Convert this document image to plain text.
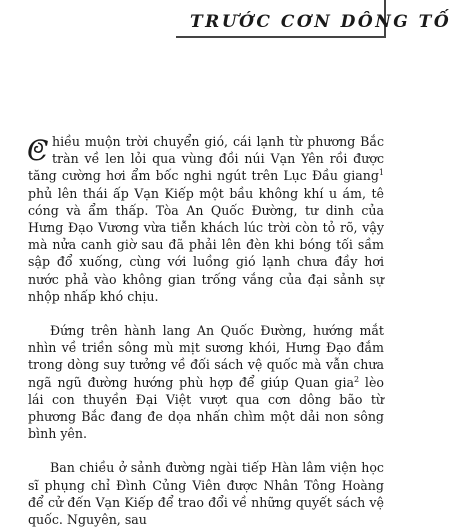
TRƯỚC CƠN DÔNG TỐ

C hiều muộn trời chuyển gió, cái lạnh từ phương Bắc tràn về len lỏi qua vùng đồi núi Vạn Yên rồi được tăng cường hơi ẩm bốc nghi ngút trên Lục Đầu giang$^1$ phủ lên thái ấp Vạn Kiếp một bầu không khí u ám, tê cóng và ẩm thấp. Tòa An Quốc Đường, tư dinh của Hưng Đạo Vương vừa tiễn khách lúc trời còn tỏ rõ, vậy mà nửa canh giờ sau đã phải lên đèn khi bóng tối sầm sập đổ xuống, cùng với luồng gió lạnh chưa đầy hơi nước phả vào không gian trống vắng của đại sảnh sự nhộp nhấp khó chịu.

Đứng trên hành lang An Quốc Đường, hướng mắt nhìn về triền sông mù mịt sương khói, Hưng Đạo đắm trong dòng suy tưởng về đối sách vệ quốc mà vẫn chưa ngã ngũ đường hướng phù hợp để giúp Quan gia$^2$ lèo lái con thuyền Đại Việt vượt qua cơn dông bão từ phương Bắc đang đe dọa nhấn chìm một dải non sông bình yên.

Ban chiều ở sảnh đường ngài tiếp Hàn lâm viện học sĩ phụng chỉ Đình Củng Viên được Nhân Tông Hoàng để cử đến Vạn Kiếp để trao đổi về những quyết sách vệ quốc. Nguyên, sau
